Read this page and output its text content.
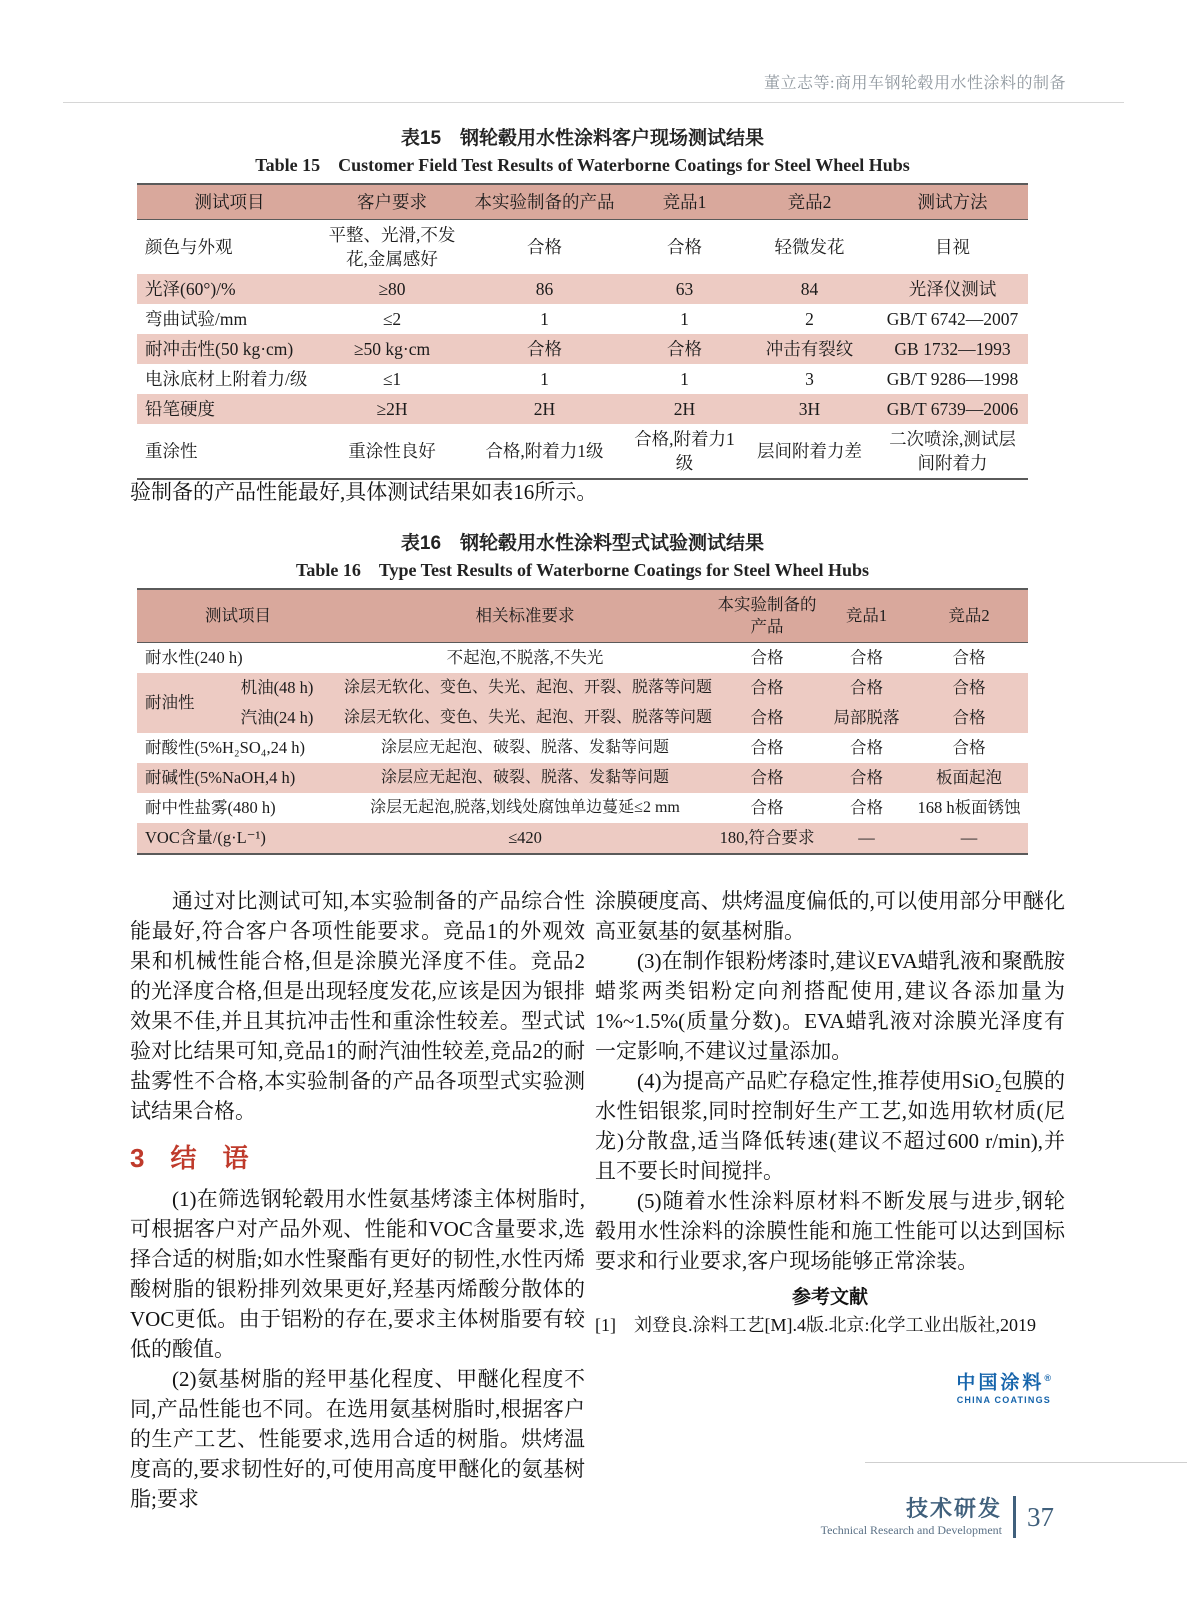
董立志等:商用车钢轮毂用水性涂料的制备
表15　钢轮毂用水性涂料客户现场测试结果
Table 15　Customer Field Test Results of Waterborne Coatings for Steel Wheel Hubs
测试项目	客户要求	本实验制备的产品	竞品1	竞品2	测试方法
颜色与外观	平整、光滑,不发花,金属感好	合格	合格	轻微发花	目视
光泽(60°)/%	≥80	86	63	84	光泽仪测试
弯曲试验/mm	≤2	1	1	2	GB/T 6742—2007
耐冲击性(50 kg·cm)	≥50 kg·cm	合格	合格	冲击有裂纹	GB 1732—1993
电泳底材上附着力/级	≤1	1	1	3	GB/T 9286—1998
铅笔硬度	≥2H	2H	2H	3H	GB/T 6739—2006
重涂性	重涂性良好	合格,附着力1级	合格,附着力1级	层间附着力差	二次喷涂,测试层间附着力

验制备的产品性能最好,具体测试结果如表16所示。

表16　钢轮毂用水性涂料型式试验测试结果
Table 16　Type Test Results of Waterborne Coatings for Steel Wheel Hubs
测试项目		相关标准要求	本实验制备的产品	竞品1	竞品2
耐水性(240 h)		不起泡,不脱落,不失光	合格	合格	合格
耐油性	机油(48 h)	涂层无软化、变色、失光、起泡、开裂、脱落等问题	合格	合格	合格
	汽油(24 h)	涂层无软化、变色、失光、起泡、开裂、脱落等问题	合格	局部脱落	合格
耐酸性(5%H₂SO₄,24 h)		涂层应无起泡、破裂、脱落、发黏等问题	合格	合格	合格
耐碱性(5%NaOH,4 h)		涂层应无起泡、破裂、脱落、发黏等问题	合格	合格	板面起泡
耐中性盐雾(480 h)		涂层无起泡,脱落,划线处腐蚀单边蔓延≤2 mm	合格	合格	168 h板面锈蚀
VOC含量/(g·L⁻¹)		≤420	180,符合要求	—	—

通过对比测试可知,本实验制备的产品综合性能最好,符合客户各项性能要求。竞品1的外观效果和机械性能合格,但是涂膜光泽度不佳。竞品2的光泽度合格,但是出现轻度发花,应该是因为银排效果不佳,并且其抗冲击性和重涂性较差。型式试验对比结果可知,竞品1的耐汽油性较差,竞品2的耐盐雾性不合格,本实验制备的产品各项型式实验测试结果合格。

3　结　语

(1)在筛选钢轮毂用水性氨基烤漆主体树脂时,可根据客户对产品外观、性能和VOC含量要求,选择合适的树脂;如水性聚酯有更好的韧性,水性丙烯酸树脂的银粉排列效果更好,羟基丙烯酸分散体的VOC更低。由于铝粉的存在,要求主体树脂要有较低的酸值。

(2)氨基树脂的羟甲基化程度、甲醚化程度不同,产品性能也不同。在选用氨基树脂时,根据客户的生产工艺、性能要求,选用合适的树脂。烘烤温度高的,要求韧性好的,可使用高度甲醚化的氨基树脂;要求

涂膜硬度高、烘烤温度偏低的,可以使用部分甲醚化高亚氨基的氨基树脂。

(3)在制作银粉烤漆时,建议EVA蜡乳液和聚酰胺蜡浆两类铝粉定向剂搭配使用,建议各添加量为1%~1.5%(质量分数)。EVA蜡乳液对涂膜光泽度有一定影响,不建议过量添加。

(4)为提高产品贮存稳定性,推荐使用SiO₂包膜的水性铝银浆,同时控制好生产工艺,如选用软材质(尼龙)分散盘,适当降低转速(建议不超过600 r/min),并且不要长时间搅拌。

(5)随着水性涂料原材料不断发展与进步,钢轮毂用水性涂料的涂膜性能和施工性能可以达到国标要求和行业要求,客户现场能够正常涂装。

参考文献

[1]　刘登良.涂料工艺[M].4版.北京:化学工业出版社,2019

中国涂料®
CHINA COATINGS
技术研发
Technical Research and Development 37
